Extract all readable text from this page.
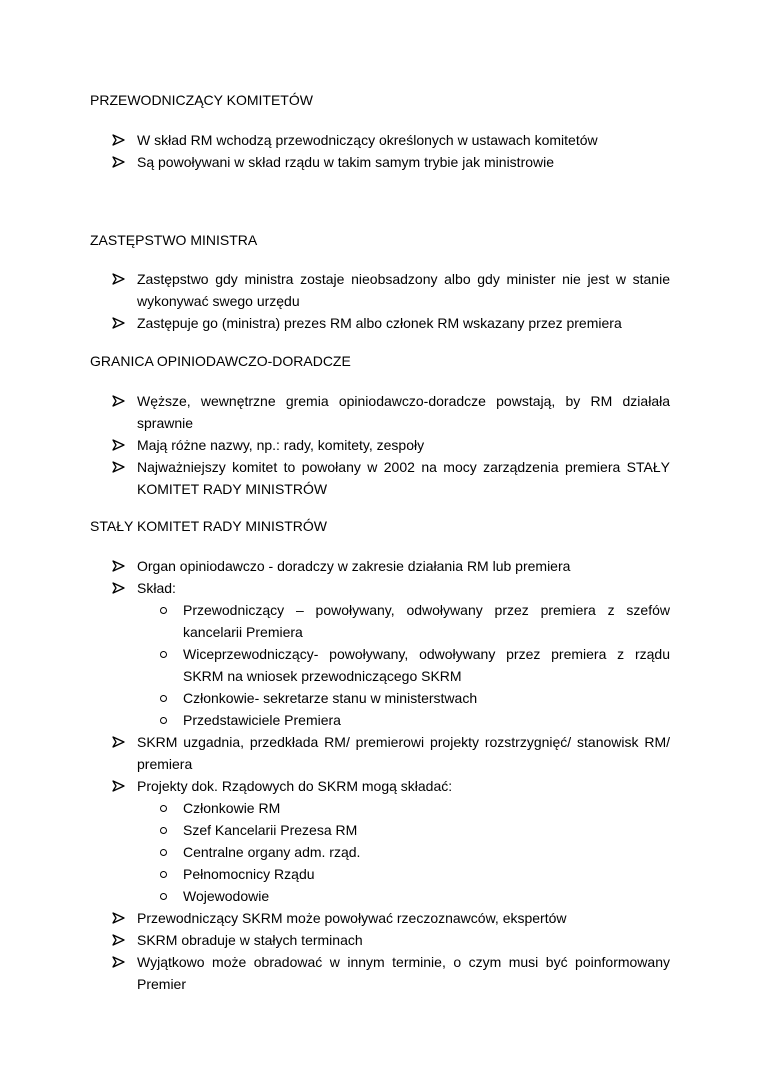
PRZEWODNICZĄCY KOMITETÓW
W skład RM wchodzą przewodniczący określonych w ustawach komitetów
Są powoływani w skład rządu w takim samym trybie jak ministrowie
ZASTĘPSTWO MINISTRA
Zastępstwo gdy ministra zostaje nieobsadzony albo gdy minister nie jest w stanie wykonywać swego urzędu
Zastępuje go (ministra) prezes RM albo członek RM wskazany przez premiera
GRANICA OPINIODAWCZO-DORADCZE
Węższe, wewnętrzne gremia opiniodawczo-doradcze powstają, by RM działała sprawnie
Mają różne nazwy, np.: rady, komitety, zespoły
Najważniejszy komitet to powołany w 2002 na mocy zarządzenia premiera STAŁY KOMITET RADY MINISTRÓW
STAŁY KOMITET RADY MINISTRÓW
Organ opiniodawczo - doradczy w zakresie działania RM lub premiera
Skład:
Przewodniczący – powoływany, odwoływany przez premiera z szefów kancelarii Premiera
Wiceprzewodniczący- powoływany, odwoływany przez premiera z rządu SKRM na wniosek przewodniczącego SKRM
Członkowie- sekretarze stanu w ministerstwach
Przedstawiciele Premiera
SKRM uzgadnia, przedkłada RM/ premierowi projekty rozstrzygnięć/ stanowisk RM/ premiera
Projekty dok. Rządowych do SKRM mogą składać:
Członkowie RM
Szef Kancelarii Prezesa RM
Centralne organy adm. rząd.
Pełnomocnicy Rządu
Wojewodowie
Przewodniczący SKRM może powoływać rzeczoznawców, ekspertów
SKRM obraduje w stałych terminach
Wyjątkowo może obradować w innym terminie, o czym musi być poinformowany Premier
